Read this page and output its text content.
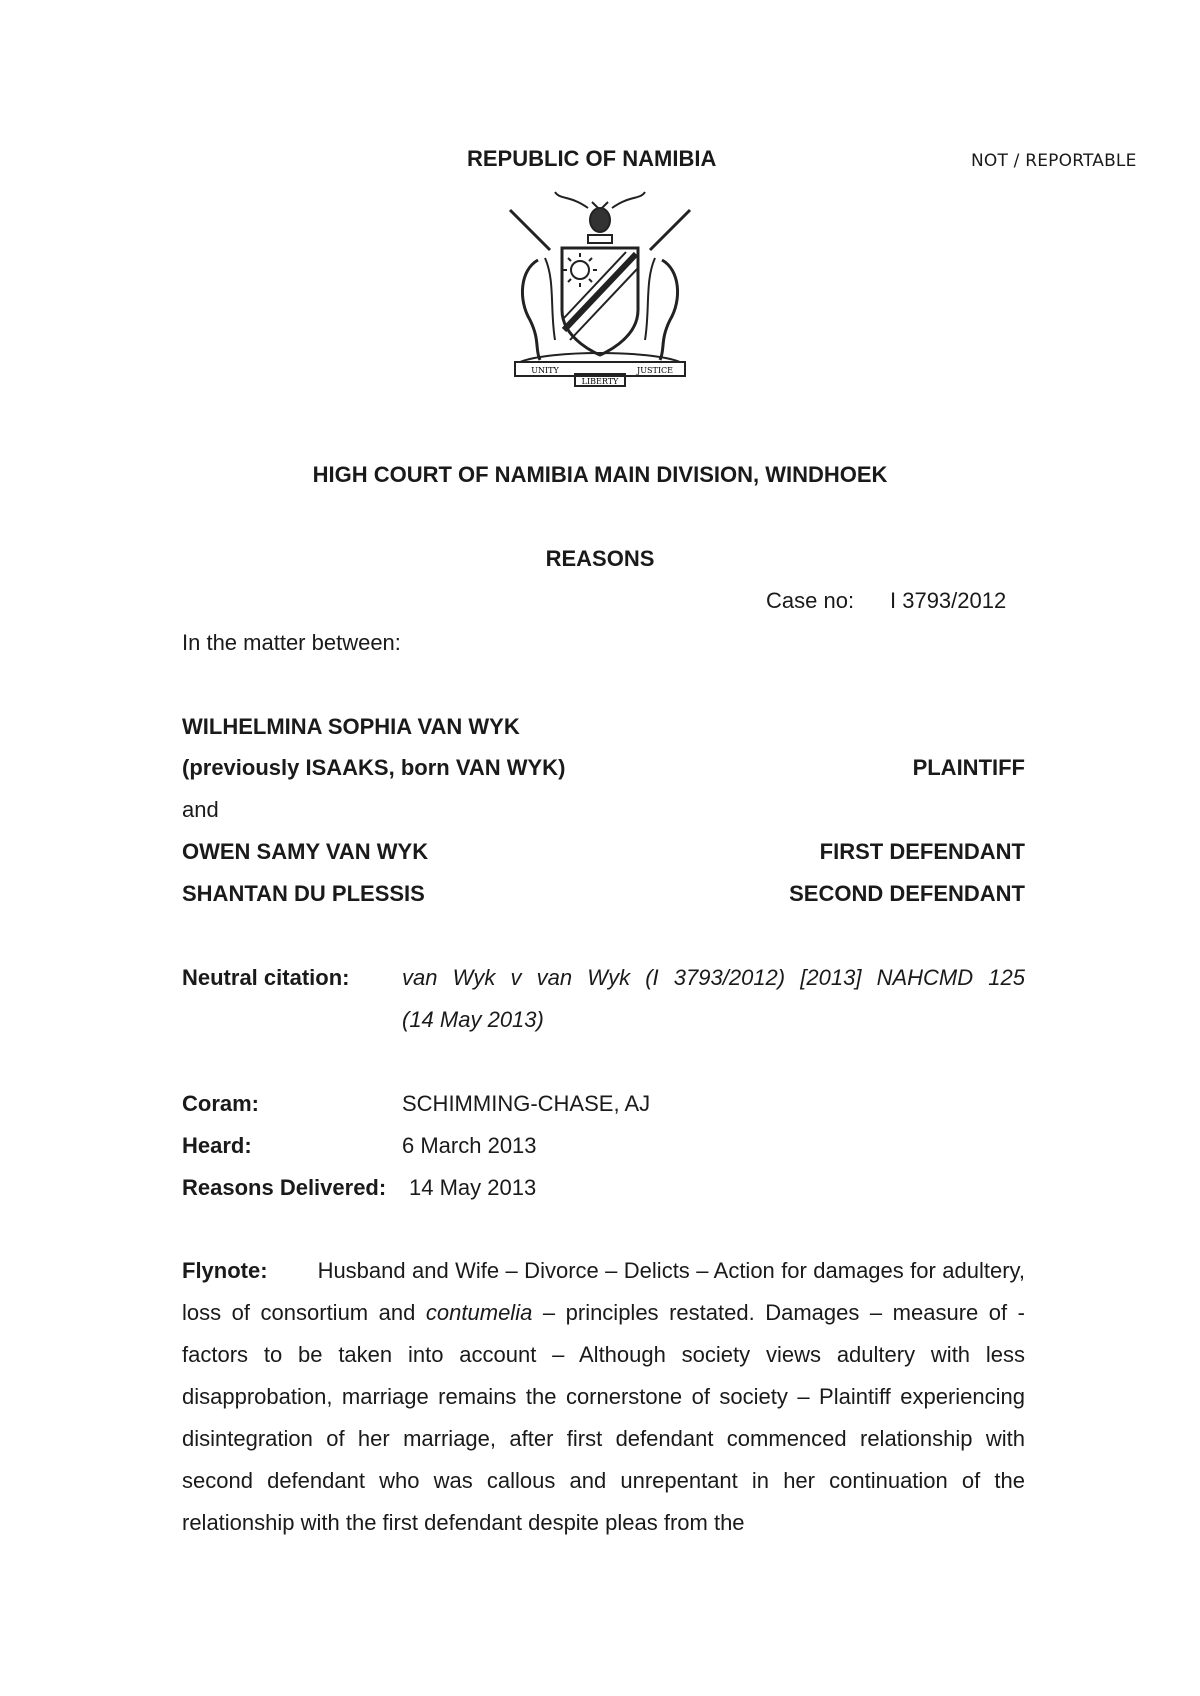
REPUBLIC OF NAMIBIA	NOT / REPORTABLE
UNITY
LIBERTY
JUSTICE
HIGH COURT OF NAMIBIA MAIN DIVISION, WINDHOEK
REASONS
Case no: I 3793/2012
In the matter between:
WILHELMINA SOPHIA VAN WYK
(previously ISAAKS, born VAN WYK)	PLAINTIFF
and
OWEN SAMY VAN WYK	FIRST DEFENDANT
SHANTAN DU PLESSIS	SECOND DEFENDANT
Neutral citation: van Wyk v van Wyk (I 3793/2012) [2013] NAHCMD 125
(14 May 2013)
Coram:	SCHIMMING-CHASE, AJ
Heard:	6 March 2013
Reasons Delivered: 14 May 2013

Flynote: Husband and Wife – Divorce – Delicts – Action for damages for adultery, loss of consortium and contumelia – principles restated. Damages – measure of - factors to be taken into account – Although society views adultery with less disapprobation, marriage remains the cornerstone of society – Plaintiff experiencing disintegration of her marriage, after first defendant commenced relationship with second defendant who was callous and unrepentant in her continuation of the relationship with the first defendant despite pleas from the
